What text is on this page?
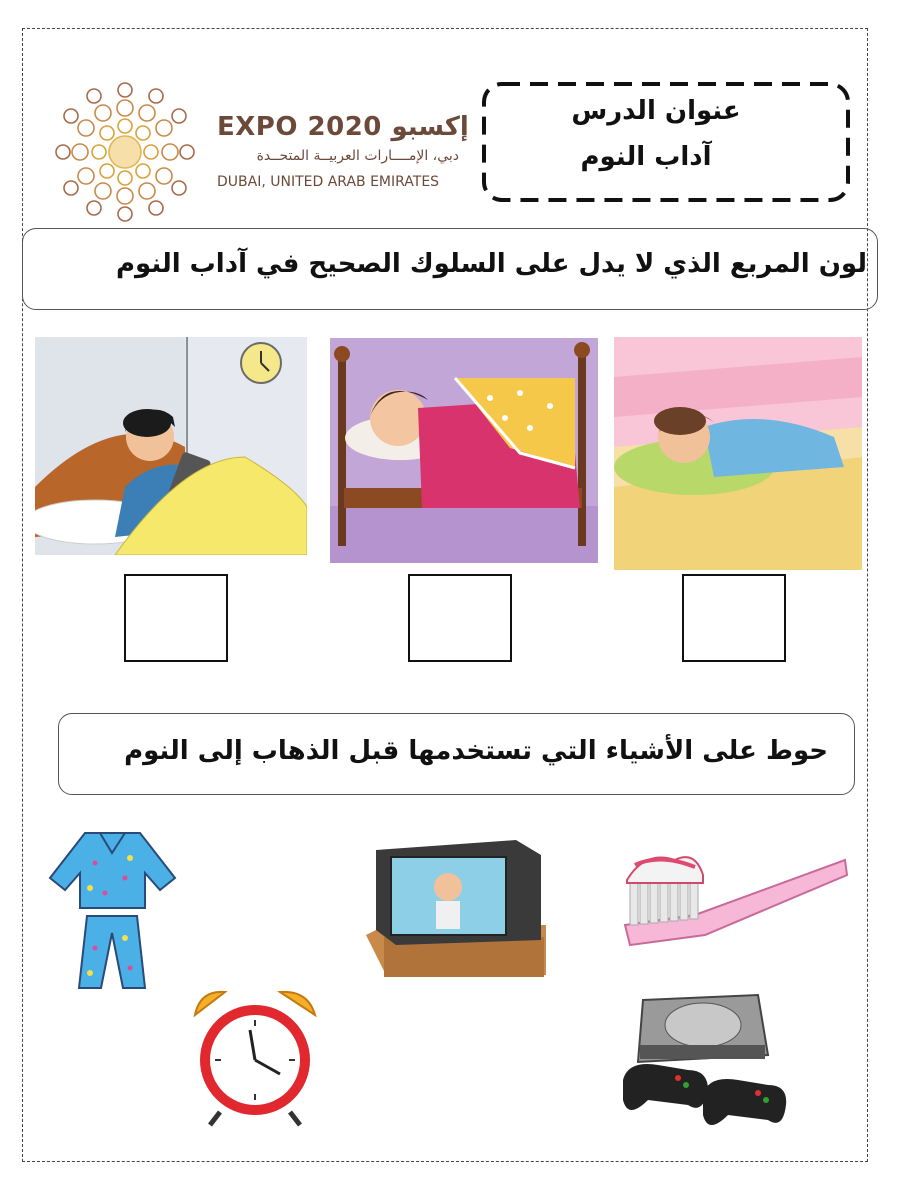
EXPO 2020 إكسبو
دبي، الإمــــارات العربيــة المتحــدة
DUBAI, UNITED ARAB EMIRATES
عنوان الدرس
آداب النوم
لون المربع الذي لا يدل على السلوك الصحيح في آداب النوم
حوط على الأشياء التي تستخدمها قبل الذهاب إلى النوم
